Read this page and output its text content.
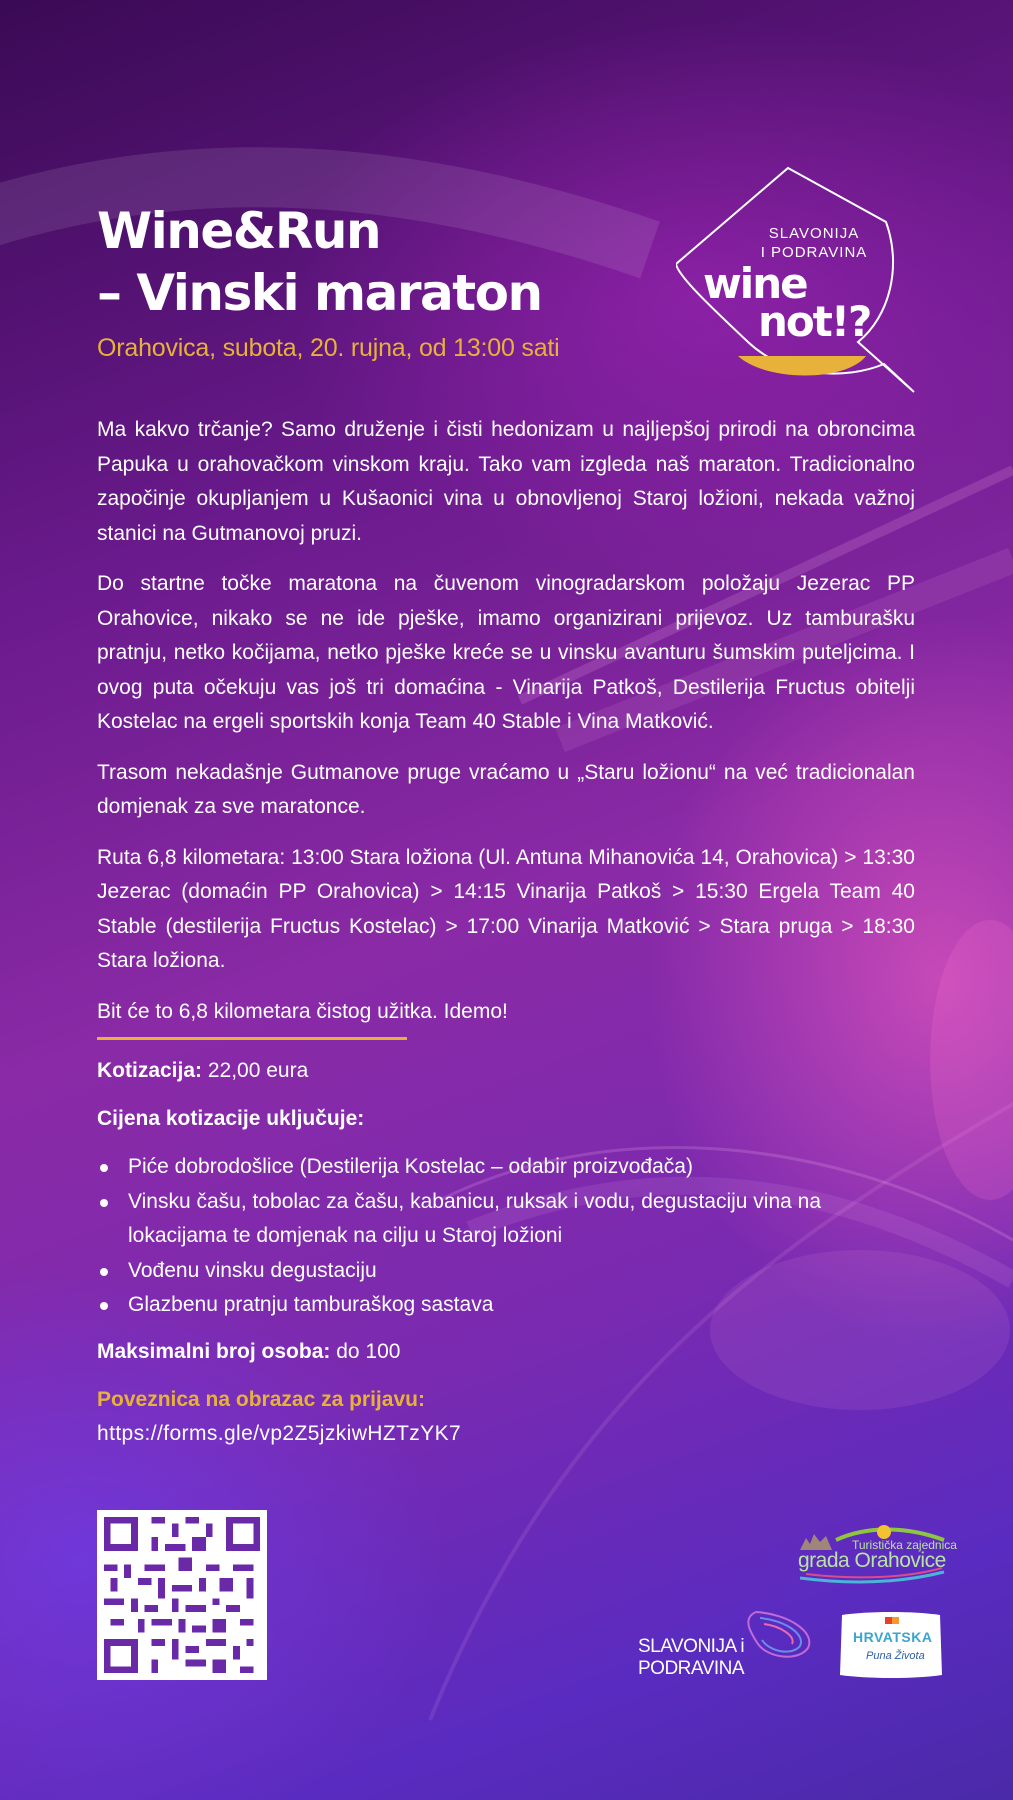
SLAVONIJA
I PODRAVINA
wine
not!?
Wine&Run
– Vinski maraton
Orahovica, subota, 20. rujna, od 13:00 sati

Ma kakvo trčanje? Samo druženje i čisti hedonizam u najljepšoj prirodi na obroncima Papuka u orahovačkom vinskom kraju. Tako vam izgleda naš maraton. Tradicionalno započinje okupljanjem u Kušaonici vina u obnovljenoj Staroj ložioni, nekada važnoj stanici na Gutmanovoj pruzi.

Do startne točke maratona na čuvenom vinogradarskom položaju Jezerac PP Orahovice, nikako se ne ide pješke, imamo organizirani prijevoz. Uz tamburašku pratnju, netko kočijama, netko pješke kreće se u vinsku avanturu šumskim puteljcima. I ovog puta očekuju vas još tri domaćina - Vinarija Patkoš, Destilerija Fructus obitelji Kostelac na ergeli sportskih konja Team 40 Stable i Vina Matković.

Trasom nekadašnje Gutmanove pruge vraćamo u „Staru ložionu“ na već tradicionalan domjenak za sve maratonce.

Ruta 6,8 kilometara: 13:00 Stara ložiona (Ul. Antuna Mihanovića 14, Orahovica) > 13:30 Jezerac (domaćin PP Orahovica) > 14:15 Vinarija Patkoš > 15:30 Ergela Team 40 Stable (destilerija Fructus Kostelac) > 17:00 Vinarija Matković > Stara pruga > 18:30 Stara ložiona.

Bit će to 6,8 kilometara čistog užitka. Idemo!

Kotizacija: 22,00 eura

Cijena kotizacije uključuje:

Piće dobrodošlice (Destilerija Kostelac – odabir proizvođača)
Vinsku čašu, tobolac za čašu, kabanicu, ruksak i vodu, degustaciju vina na lokacijama te domjenak na cilju u Staroj ložioni
Vođenu vinsku degustaciju
Glazbenu pratnju tamburaškog sastava

Maksimalni broj osoba: do 100

Poveznica na obrazac za prijavu:
https://forms.gle/vp2Z5jzkiwHZTzYK7
Turistička zajednica
grada Orahovice
SLAVONIJA i
PODRAVINA
HRVATSKA
Puna Života
